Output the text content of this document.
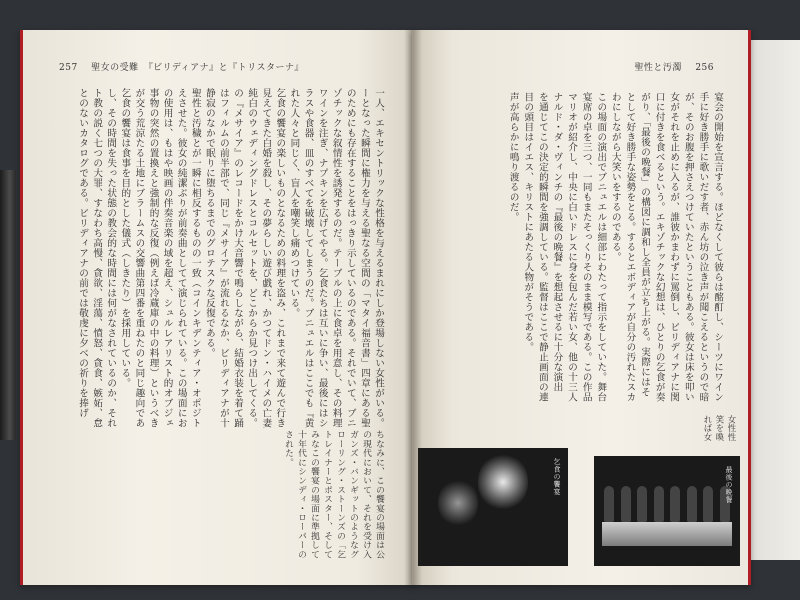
257 聖女の受難　『ビリディアナ』と『トリスターナ』
一人、エキセントリックな性格を与えるまれにしか登場しない女性がいる。
ーとなった瞬間に権力を与える聖なる空間の「マタイ福音書」四章にある聖
のためにも存在することをはっきり示しているのである。それでいて、ブニ
ゾチックな叙情性を誘発するのだ。テーブルの上に食卓を用意し、その料理
ワインを注ぎ、ナプキンを広げてやる。乞食たちは互いに争い、最後にはシ
ラスや食器、皿のすべてを破壊してしまうのだ。ブニュエルはここでも『黄
れた人々と同じく、盲人を嘲笑し痛めつけている。
乞食の饗宴の楽しいものとなるための料理を盗み、これまで来て遊んで行き
見えてきた白婚を殺し、その夢らしい遊び戯れ、かつてドン・ハイメの亡妻
純白のウェディングドレスとコルセットを、どこからか見つけ出してくる。
の『メサイア』のレコードをかけ大音響で鳴らしながら、結婚衣装を着て踊
はフィルムの前半部で、同じ『メサイア』が流れるなか、ビリディアナが十
静寂のなかで眠りに堕ちるまでのグロテスクな反復である。
聖性と汚穢とが一瞬に相反するものの一致（コインキデンティア・オポジト
えさせた。彼女の純潔ぶりが前奏曲としてて演じられている。この場面にお
の使用は、もはや映画の伴奏音楽の域を超え、シュルレアリスト的オブジェ
事物の突然の置換えと強制的な反復（例えば冷蔵庫の中の料理）というべき
が交う荒涼たる土地にブラームスの交響曲第四番を重ねたのと同じ趣向であ
乞食の饗宴は食事を目的とした儀式（しきたり）を採用している。
し、その時間を失った状態の教会的な時間には何がなされているのか、それ
ト教の説く七つの大罪、すなわち高慢、貪欲、淫蕩、憤怒、貪食、嫉妬、怠
とのないカタログである。ビリディアナの前では敬虔に夕べの祈りを捧げ
ちなみに、この饗宴の場面は公
の現代において、それを受け入
ガンズ・バンギットのようなグ
ローリング・ストーンズの「乞
トレイナーとポスター、そして
みなこの饗宴の場面に準拠して
十年代にシンディ・ローパーの
された。
聖性と汚濁 256
宴会の開始を宣言する。ほどなくして彼らは酩酊し、シーツにワイン
手に好き勝手に歌いだす者、赤ん坊の泣き声が聞こえるというので暗
が、そのお腹を押さえつけていたということもある。彼女は床を叩い
女がそれを止めに入るが、誰彼かまわずに罵倒し、ビリディアナに関
口に付きを食べるという。エキゾチックな幻想は、ひとりの乞食が奏
がり、「最後の晩餐」の構図に調和し全員が立ち上がる。実際にはそ
として好き勝手な姿勢をとる。するとエボディアが自分の汚れたスカ
わにしながら大笑いをするのである。
この場面の演出でブニュエルは細部にわたって指示をしていた。舞台
宴席の卓を三つ、一同もまたそっくりそのまま模写である。この作品
マリオが紹介し、中央に白いドレスに身を包んだ若い女、他の十三人
ナルド・ダ・ヴィンチの『最後の晩餐』を想起させるに十分な演出
を通じてこの決定的瞬間を強調している。監督はここで静止画面の連
目の頭目はイエス、キリストにあたる人物がそうである。
声が高らかに鳴り渡るのだ。
女性性
笑を喚
れば女
乞食の饗宴	最後の晩餐
